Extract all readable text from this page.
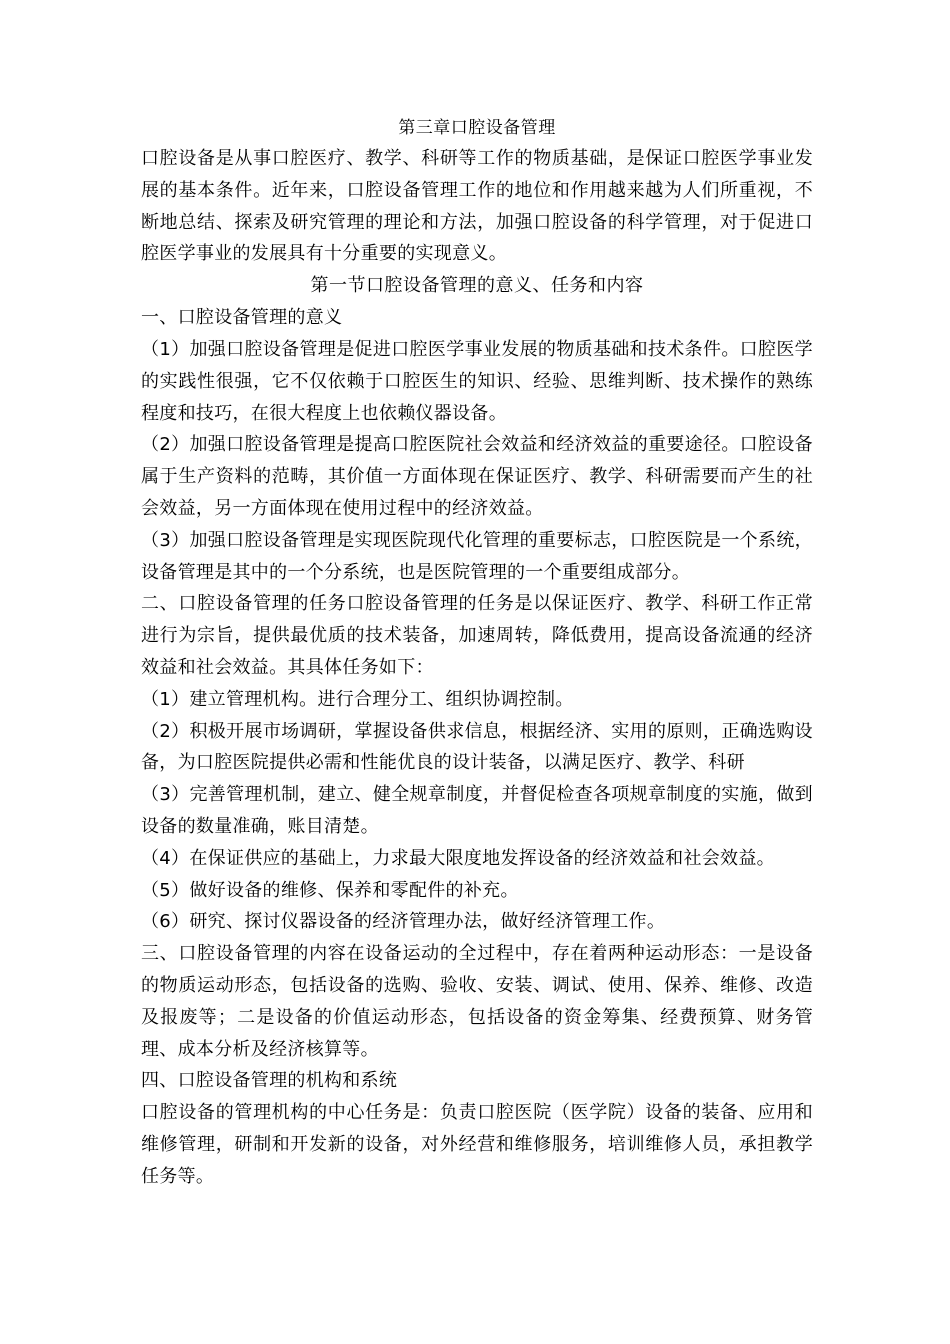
第三章口腔设备管理

口腔设备是从事口腔医疗、教学、科研等工作的物质基础，是保证口腔医学事业发展的基本条件。近年来，口腔设备管理工作的地位和作用越来越为人们所重视，不断地总结、探索及研究管理的理论和方法，加强口腔设备的科学管理，对于促进口腔医学事业的发展具有十分重要的实现意义。

第一节口腔设备管理的意义、任务和内容

一、口腔设备管理的意义

（1）加强口腔设备管理是促进口腔医学事业发展的物质基础和技术条件。口腔医学的实践性很强，它不仅依赖于口腔医生的知识、经验、思维判断、技术操作的熟练程度和技巧，在很大程度上也依赖仪器设备。

（2）加强口腔设备管理是提高口腔医院社会效益和经济效益的重要途径。口腔设备属于生产资料的范畴，其价值一方面体现在保证医疗、教学、科研需要而产生的社会效益，另一方面体现在使用过程中的经济效益。

（3）加强口腔设备管理是实现医院现代化管理的重要标志，口腔医院是一个系统，设备管理是其中的一个分系统，也是医院管理的一个重要组成部分。

二、口腔设备管理的任务口腔设备管理的任务是以保证医疗、教学、科研工作正常进行为宗旨，提供最优质的技术装备，加速周转，降低费用，提高设备流通的经济效益和社会效益。其具体任务如下：

（1）建立管理机构。进行合理分工、组织协调控制。

（2）积极开展市场调研，掌握设备供求信息，根据经济、实用的原则，正确选购设备，为口腔医院提供必需和性能优良的设计装备，以满足医疗、教学、科研

（3）完善管理机制，建立、健全规章制度，并督促检查各项规章制度的实施，做到设备的数量准确，账目清楚。

（4）在保证供应的基础上，力求最大限度地发挥设备的经济效益和社会效益。

（5）做好设备的维修、保养和零配件的补充。

（6）研究、探讨仪器设备的经济管理办法，做好经济管理工作。

三、口腔设备管理的内容在设备运动的全过程中，存在着两种运动形态：一是设备的物质运动形态，包括设备的选购、验收、安装、调试、使用、保养、维修、改造及报废等；二是设备的价值运动形态，包括设备的资金筹集、经费预算、财务管理、成本分析及经济核算等。

四、口腔设备管理的机构和系统

口腔设备的管理机构的中心任务是：负责口腔医院（医学院）设备的装备、应用和维修管理，研制和开发新的设备，对外经营和维修服务，培训维修人员，承担教学任务等。
